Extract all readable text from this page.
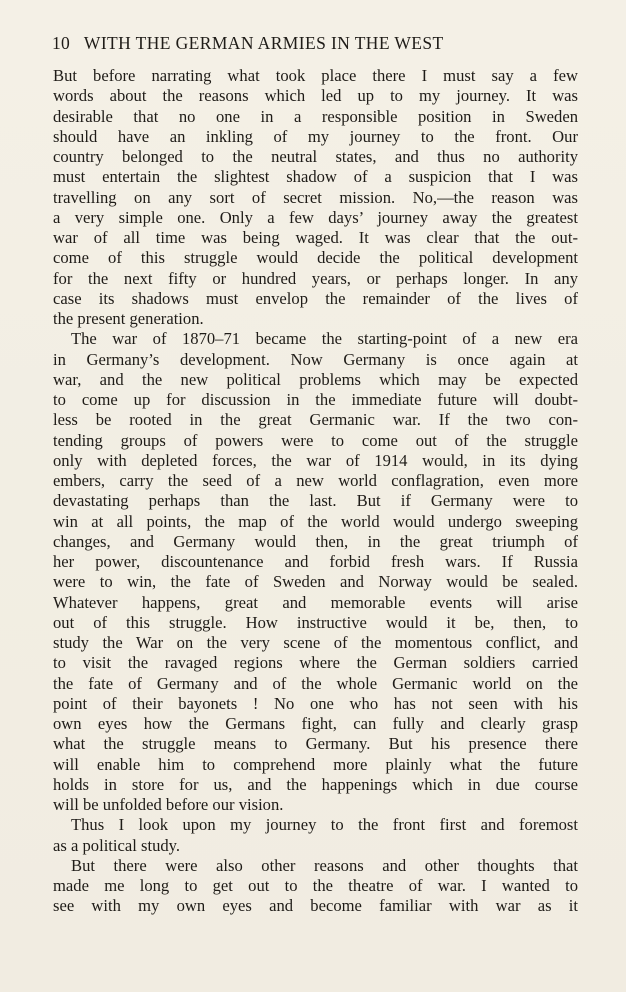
10 WITH THE GERMAN ARMIES IN THE WEST
But before narrating what took place there I must say a few
words about the reasons which led up to my journey. It was
desirable that no one in a responsible position in Sweden
should have an inkling of my journey to the front. Our
country belonged to the neutral states, and thus no authority
must entertain the slightest shadow of a suspicion that I was
travelling on any sort of secret mission. No,—the reason was
a very simple one. Only a few days’ journey away the greatest
war of all time was being waged. It was clear that the out-
come of this struggle would decide the political development
for the next fifty or hundred years, or perhaps longer. In any
case its shadows must envelop the remainder of the lives of
the present generation.
The war of 1870–71 became the starting-point of a new era
in Germany’s development. Now Germany is once again at
war, and the new political problems which may be expected
to come up for discussion in the immediate future will doubt-
less be rooted in the great Germanic war. If the two con-
tending groups of powers were to come out of the struggle
only with depleted forces, the war of 1914 would, in its dying
embers, carry the seed of a new world conflagration, even more
devastating perhaps than the last. But if Germany were to
win at all points, the map of the world would undergo sweeping
changes, and Germany would then, in the great triumph of
her power, discountenance and forbid fresh wars. If Russia
were to win, the fate of Sweden and Norway would be sealed.
Whatever happens, great and memorable events will arise
out of this struggle. How instructive would it be, then, to
study the War on the very scene of the momentous conflict, and
to visit the ravaged regions where the German soldiers carried
the fate of Germany and of the whole Germanic world on the
point of their bayonets ! No one who has not seen with his
own eyes how the Germans fight, can fully and clearly grasp
what the struggle means to Germany. But his presence there
will enable him to comprehend more plainly what the future
holds in store for us, and the happenings which in due course
will be unfolded before our vision.
Thus I look upon my journey to the front first and foremost
as a political study.
But there were also other reasons and other thoughts that
made me long to get out to the theatre of war. I wanted to
see with my own eyes and become familiar with war as it
